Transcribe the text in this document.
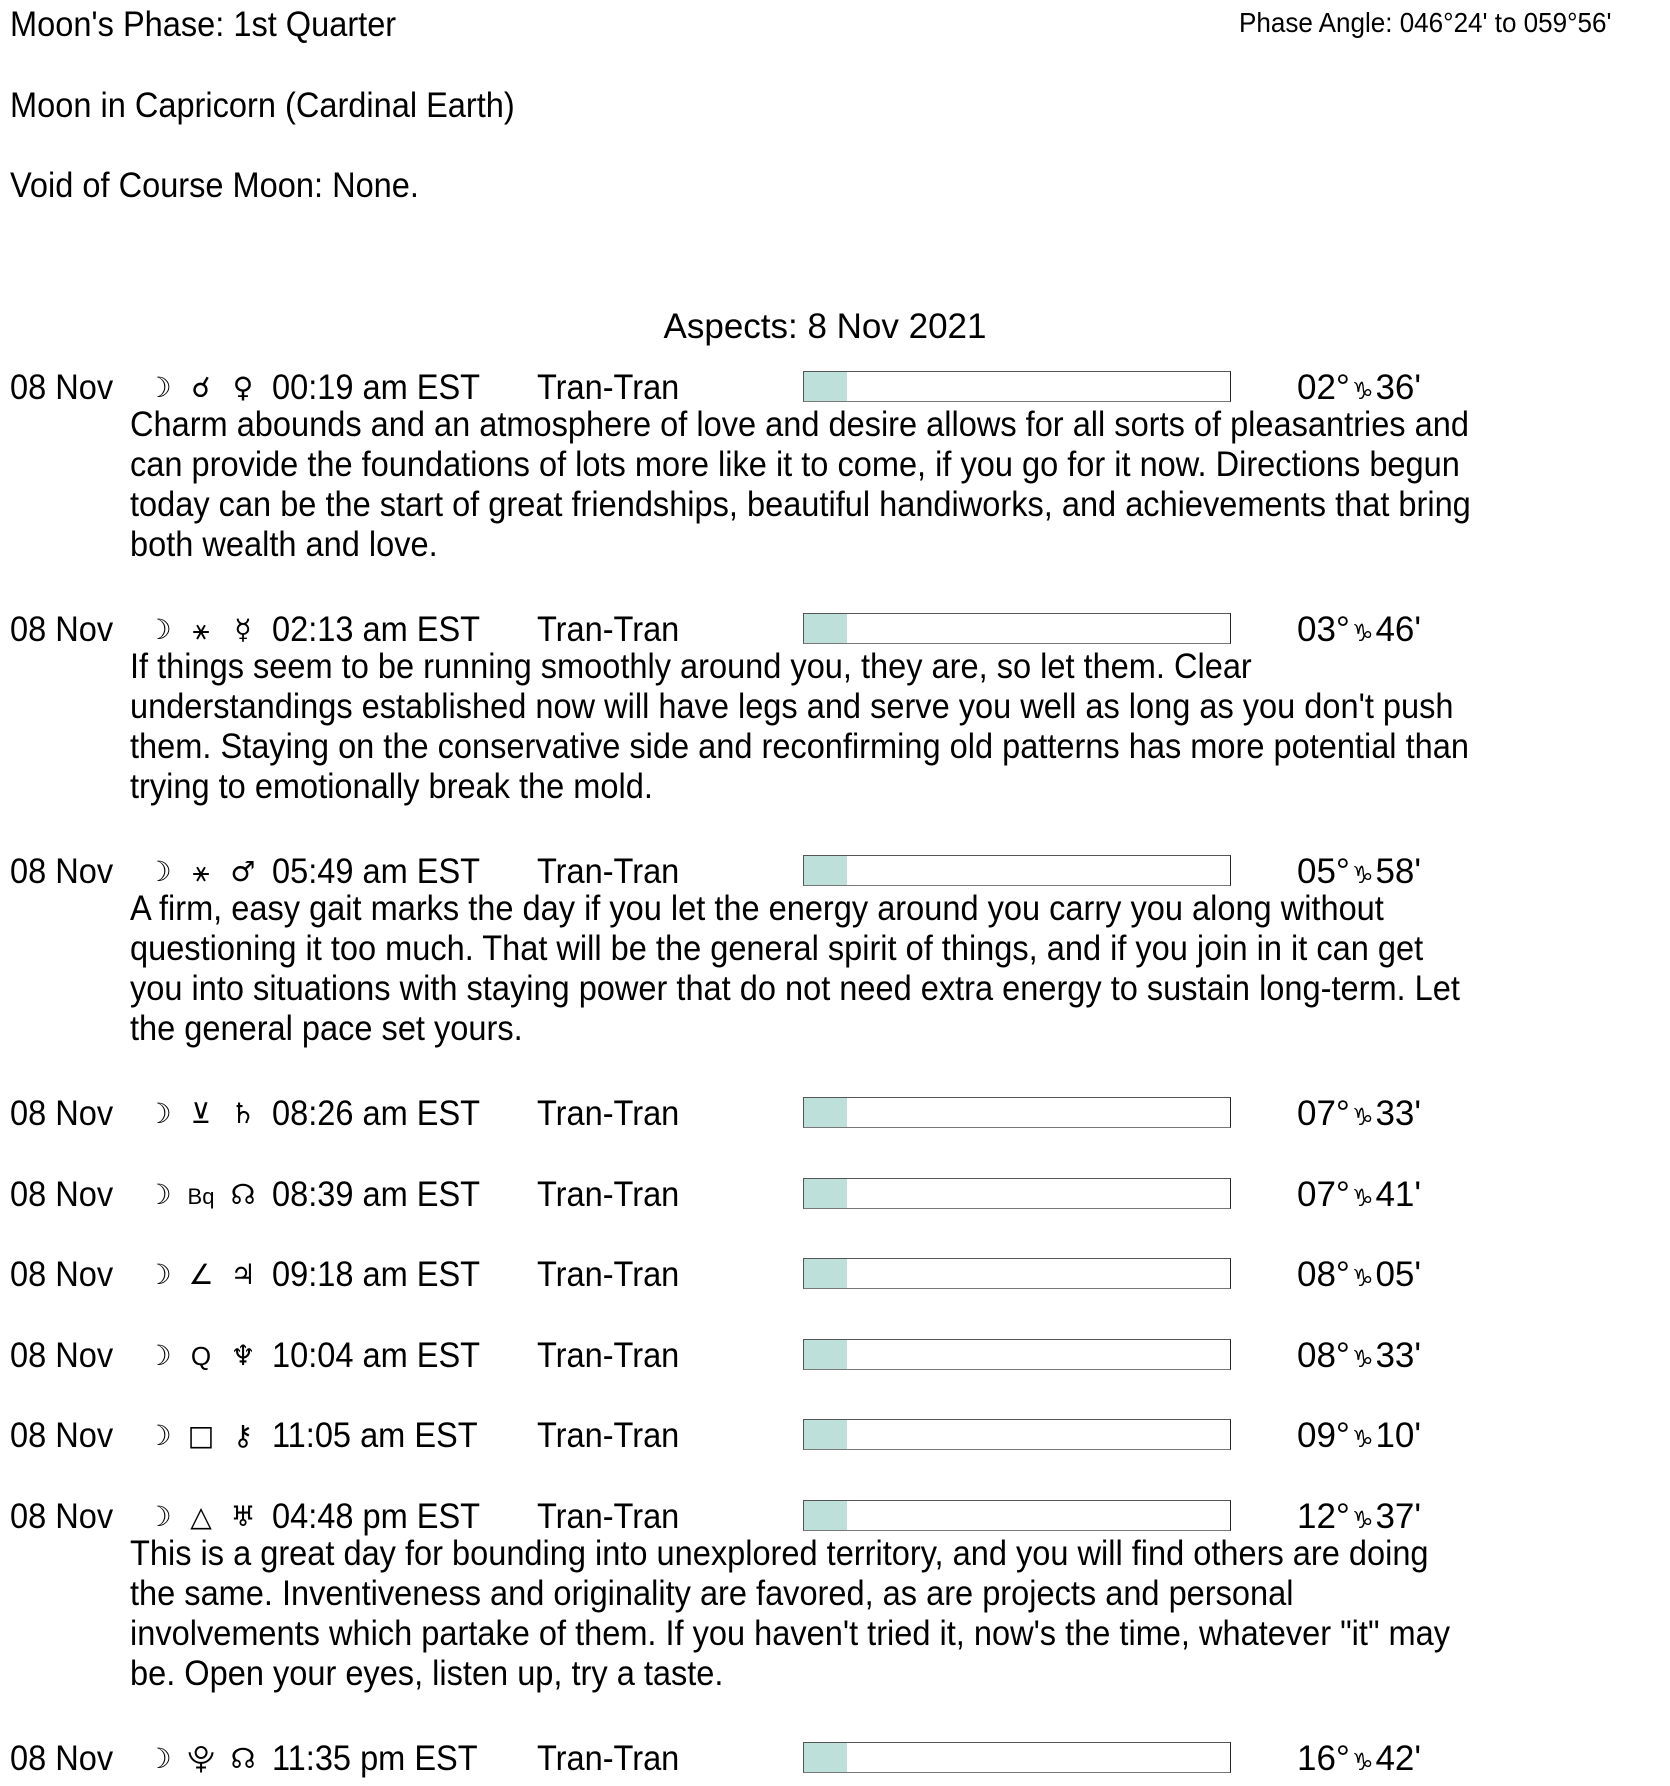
Moon's Phase: 1st Quarter	Phase Angle: 046°24' to 059°56'
Moon in Capricorn (Cardinal Earth)
Void of Course Moon: None.
Aspects: 8 Nov 2021
08 Nov	☽ ☌ ♀ 00:19 am EST	Tran-Tran	02°♑36'
Charm abounds and an atmosphere of love and desire allows for all sorts of pleasantries and
can provide the foundations of lots more like it to come, if you go for it now. Directions begun
today can be the start of great friendships, beautiful handiworks, and achievements that bring
both wealth and love.
08 Nov	☽ ⚹ ☿ 02:13 am EST	Tran-Tran	03°♑46'
If things seem to be running smoothly around you, they are, so let them. Clear
understandings established now will have legs and serve you well as long as you don't push
them. Staying on the conservative side and reconfirming old patterns has more potential than
trying to emotionally break the mold.
08 Nov	☽ ⚹ ♂ 05:49 am EST	Tran-Tran	05°♑58'
A firm, easy gait marks the day if you let the energy around you carry you along without
questioning it too much. That will be the general spirit of things, and if you join in it can get
you into situations with staying power that do not need extra energy to sustain long-term. Let
the general pace set yours.
08 Nov	☽ ⊻ ♄ 08:26 am EST	Tran-Tran	07°♑33'
08 Nov	☽ Bq ☊ 08:39 am EST	Tran-Tran	07°♑41'
08 Nov	☽ ∠ ♃ 09:18 am EST	Tran-Tran	08°♑05'
08 Nov	☽ Q ♆ 10:04 am EST	Tran-Tran	08°♑33'
08 Nov	☽ □ ⚷ 11:05 am EST	Tran-Tran	09°♑10'
08 Nov	☽ △ ♅ 04:48 pm EST	Tran-Tran	12°♑37'
This is a great day for bounding into unexplored territory, and you will find others are doing
the same. Inventiveness and originality are favored, as are projects and personal
involvements which partake of them. If you haven't tried it, now's the time, whatever "it" may
be. Open your eyes, listen up, try a taste.
08 Nov	☽ ⯓ ☊ 11:35 pm EST	Tran-Tran	16°♑42'
